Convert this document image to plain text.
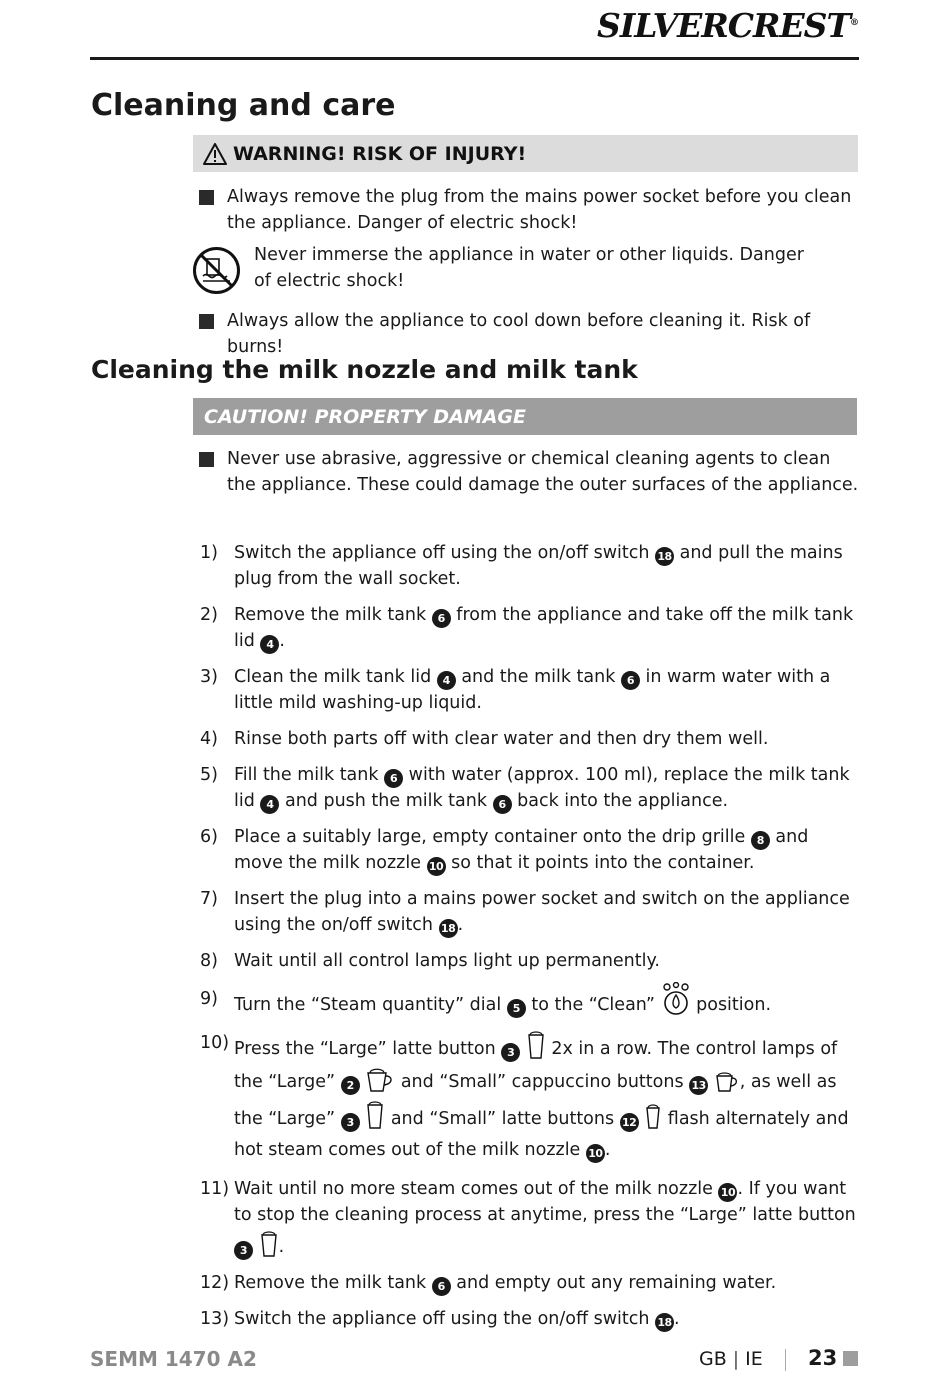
SILVERCREST®
Cleaning and care
WARNING! RISK OF INJURY!
Always remove the plug from the mains power socket before you clean the appliance. Danger of electric shock!
Never immerse the appliance in water or other liquids. Danger of electric shock!
Always allow the appliance to cool down before cleaning it. Risk of burns!
Cleaning the milk nozzle and milk tank
CAUTION! PROPERTY DAMAGE
Never use abrasive, aggressive or chemical cleaning agents to clean the appliance. These could damage the outer surfaces of the appliance.
1) Switch the appliance off using the on/off switch 18 and pull the mains plug from the wall socket.
2) Remove the milk tank 6 from the appliance and take off the milk tank lid 4 .
3) Clean the milk tank lid 4 and the milk tank 6 in warm water with a little mild washing-up liquid.
4) Rinse both parts off with clear water and then dry them well.
5) Fill the milk tank 6 with water (approx. 100 ml), replace the milk tank lid 4 and push the milk tank 6 back into the appliance.
6) Place a suitably large, empty container onto the drip grille 8 and move the milk nozzle 10 so that it points into the container.
7) Insert the plug into a mains power socket and switch on the appliance using the on/off switch 18 .
8) Wait until all control lamps light up permanently.
9) Turn the “Steam quantity” dial 5 to the “Clean”  position.
10) Press the “Large” latte button 3  2x in a row. The control lamps of the “Large” 2  and “Small” cappuccino buttons 13 , as well as the “Large” 3  and “Small” latte buttons 12  flash alternately and hot steam comes out of the milk nozzle 10 .
11) Wait until no more steam comes out of the milk nozzle 10 . If you want to stop the cleaning process at anytime, press the “Large” latte button 3 .
12) Remove the milk tank 6 and empty out any remaining water.
13) Switch the appliance off using the on/off switch 18 .
SEMM 1470 A2	GB | IE 23
